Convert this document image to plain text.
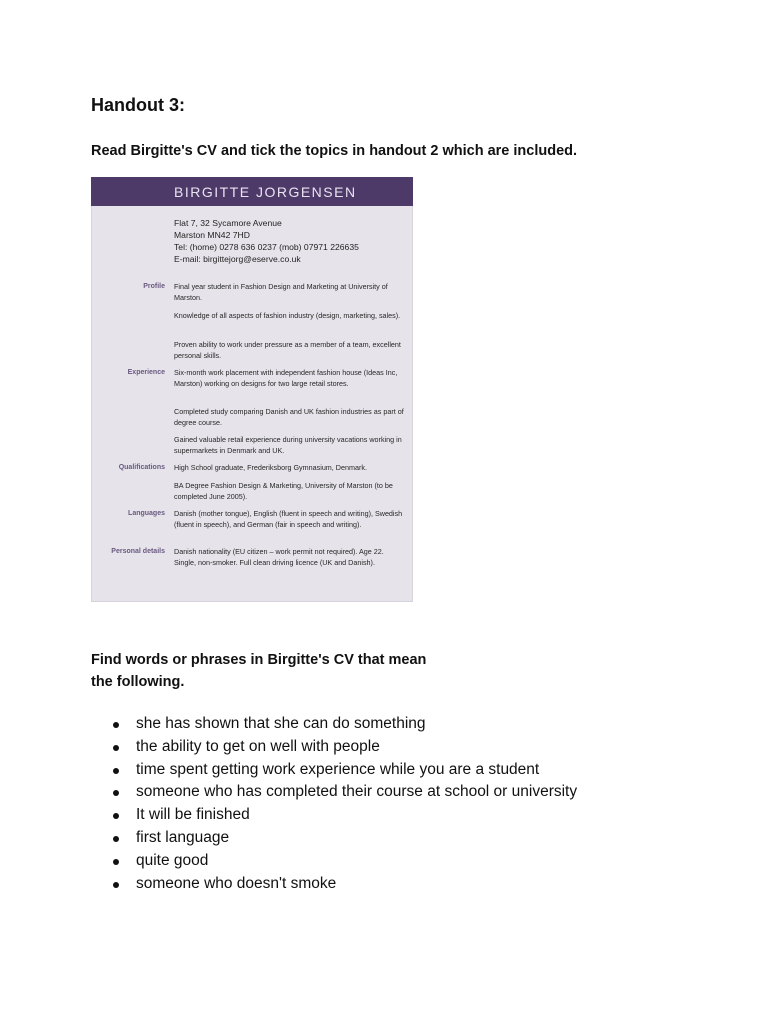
Handout 3:

Read Birgitte's CV and tick the topics in handout 2 which are included.

BIRGITTE JORGENSEN
Flat 7, 32 Sycamore Avenue
Marston MN42 7HD
Tel: (home) 0278 636 0237 (mob) 07971 226635
E-mail: birgittejorg@eserve.co.uk
Profile Final year student in Fashion Design and Marketing at University of Marston.

Knowledge of all aspects of fashion industry (design, marketing, sales).

Proven ability to work under pressure as a member of a team, excellent personal skills.

Experience Six-month work placement with independent fashion house (Ideas Inc, Marston) working on designs for two large retail stores.

Completed study comparing Danish and UK fashion industries as part of degree course.

Gained valuable retail experience during university vacations working in supermarkets in Denmark and UK.

Qualifications High School graduate, Frederiksborg Gymnasium, Denmark.

BA Degree Fashion Design & Marketing, University of Marston (to be completed June 2005).

Languages Danish (mother tongue), English (fluent in speech and writing), Swedish (fluent in speech), and German (fair in speech and writing).

Personal details Danish nationality (EU citizen – work permit not required). Age 22. Single, non-smoker. Full clean driving licence (UK and Danish).

Find words or phrases in Birgitte's CV that mean
the following.
she has shown that she can do something
the ability to get on well with people
time spent getting work experience while you are a student
someone who has completed their course at school or university
It will be finished
first language
quite good
someone who doesn't smoke
